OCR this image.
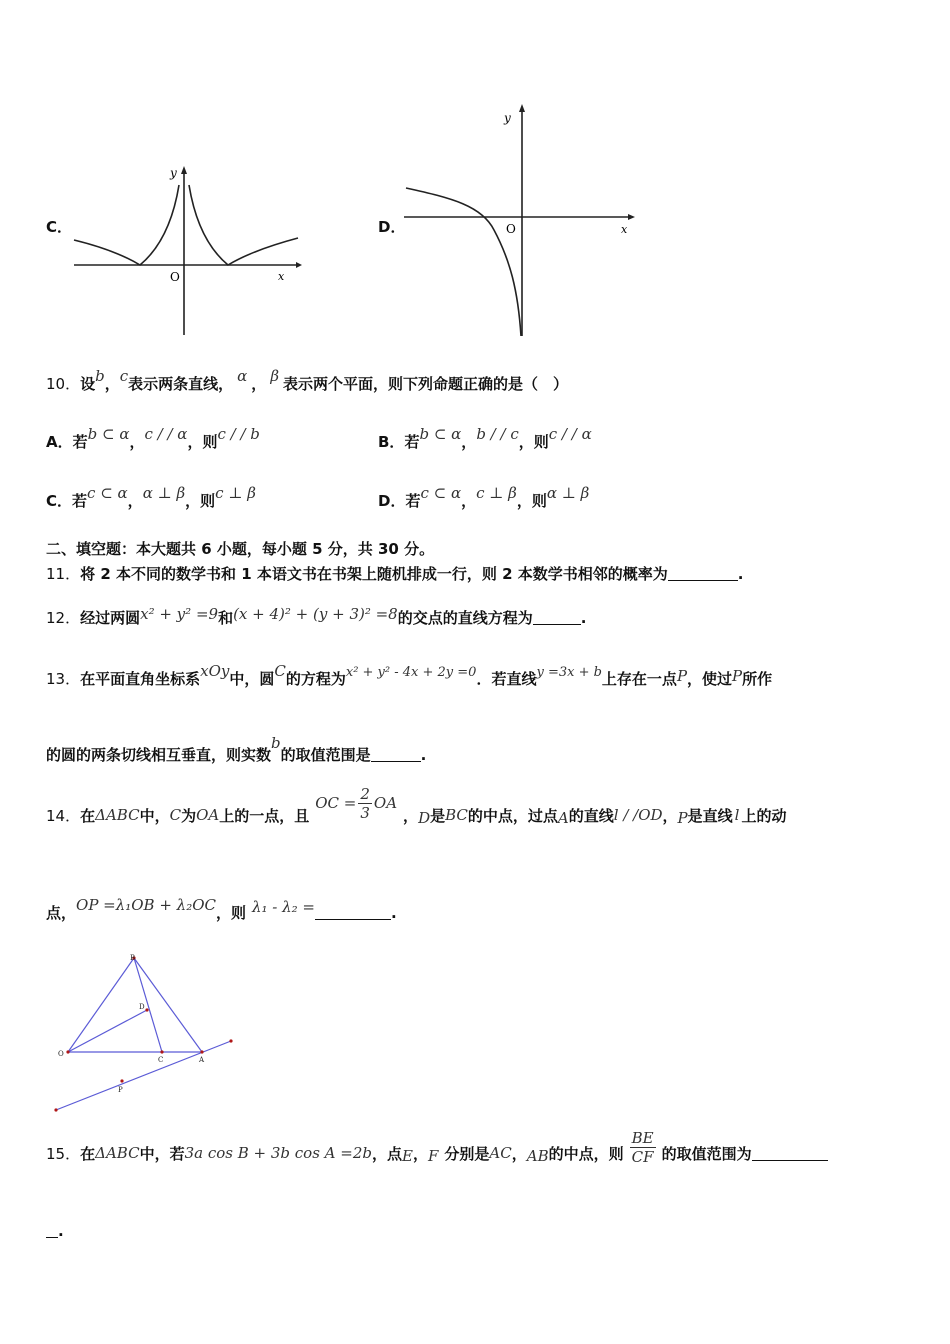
C．
y
x
O
D．
y
x
O
10．设b，c表示两条直线， α ， β 表示两个平面，则下列命题正确的是（　）
A．若b ⊂ α，c / / α，则c / / b	B．若b ⊂ α，b / / c，则c / / α
C．若c ⊂ α，α ⊥ β，则c ⊥ β	D．若c ⊂ α，c ⊥ β，则α ⊥ β
二、填空题：本大题共 6 小题，每小题 5 分，共 30 分。
11．将 2 本不同的数学书和 1 本语文书在书架上随机排成一行，则 2 本数学书相邻的概率为	.
12．经过两圆x² + y² =9和(x + 4)² + (y + 3)² =8的交点的直线方程为	.
13．在平面直角坐标系xOy中，圆C的方程为x² + y² - 4x + 2y =0．若直线y =3x + b上存在一点P，使过P所作
的圆的两条切线相互垂直，则实数b的取值范围是	.
14． 在 ΔABC 中， C 为 OA 上的一点，且
OC = $\frac{2}{3}$ OA
， D 是 BC 的中点，过点 A 的直线 l / /OD ， P 是直线 l 上的动
点，OP =λ₁OB + λ₂OC，则 λ₁ - λ₂ =	.
B
D
O
C	A
P
15． 在 ΔABC 中，若 3a cos B + 3b cos A =2b ，点 E ， F 分别是 AC ， AB 的中点，则 $\frac{BE}{CF}$ 的取值范围为
.
